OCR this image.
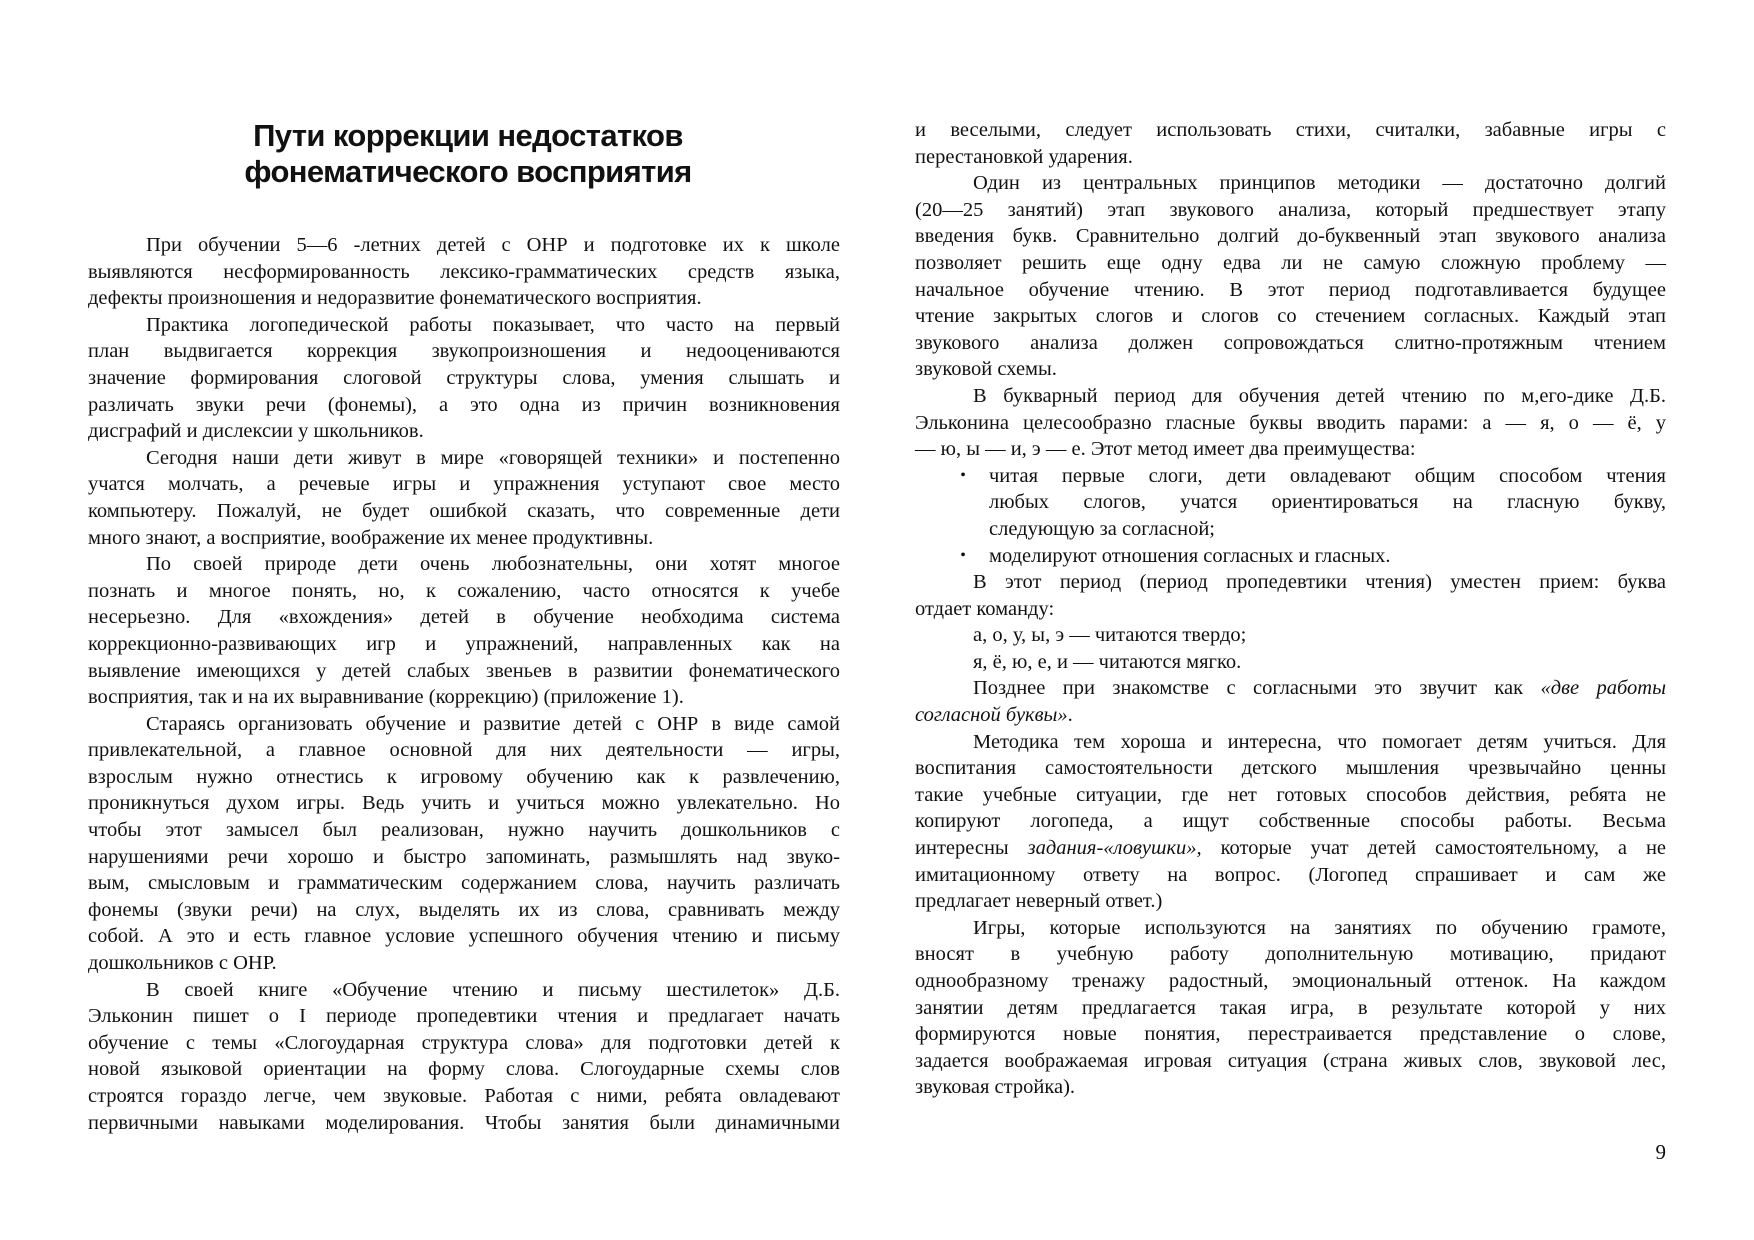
Пути коррекции недостатков
фонематического восприятия
При обучении 5—6 -летних детей с ОНР и подготовке их к школе
выявляются несформированность лексико-грамматических средств языка,
дефекты произношения и недоразвитие фонематического восприятия.
Практика логопедической работы показывает, что часто на первый
план выдвигается коррекция звукопроизношения и недооцениваются
значение формирования слоговой структуры слова, умения слышать и
различать звуки речи (фонемы), а это одна из причин возникновения
дисграфий и дислексии у школьников.
Сегодня наши дети живут в мире «говорящей техники» и постепенно
учатся молчать, а речевые игры и упражнения уступают свое место
компьютеру. Пожалуй, не будет ошибкой сказать, что современные дети
много знают, а восприятие, воображение их менее продуктивны.
По своей природе дети очень любознательны, они хотят многое
познать и многое понять, но, к сожалению, часто относятся к учебе
несерьезно. Для «вхождения» детей в обучение необходима система
коррекционно-развивающих игр и упражнений, направленных как на
выявление имеющихся у детей слабых звеньев в развитии фонематического
восприятия, так и на их выравнивание (коррекцию) (приложение 1).
Стараясь организовать обучение и развитие детей с ОНР в виде самой
привлекательной, а главное основной для них деятельности — игры,
взрослым нужно отнестись к игровому обучению как к развлечению,
проникнуться духом игры. Ведь учить и учиться можно увлекательно. Но
чтобы этот замысел был реализован, нужно научить дошкольников с
нарушениями речи хорошо и быстро запоминать, размышлять над звуко-
вым, смысловым и грамматическим содержанием слова, научить различать
фонемы (звуки речи) на слух, выделять их из слова, сравнивать между
собой. А это и есть главное условие успешного обучения чтению и письму
дошкольников с ОНР.
В своей книге «Обучение чтению и письму шестилеток» Д.Б.
Эльконин пишет о I периоде пропедевтики чтения и предлагает начать
обучение с темы «Слогоударная структура слова» для подготовки детей к
новой языковой ориентации на форму слова. Слогоударные схемы слов
строятся гораздо легче, чем звуковые. Работая с ними, ребята овладевают
первичными навыками моделирования. Чтобы занятия были динамичными
и веселыми, следует использовать стихи, считалки, забавные игры с
перестановкой ударения.
Один из центральных принципов методики — достаточно долгий
(20—25 занятий) этап звукового анализа, который предшествует этапу
введения букв. Сравнительно долгий до-буквенный этап звукового анализа
позволяет решить еще одну едва ли не самую сложную проблему —
начальное обучение чтению. В этот период подготавливается будущее
чтение закрытых слогов и слогов со стечением согласных. Каждый этап
звукового анализа должен сопровождаться слитно-протяжным чтением
звуковой схемы.
В букварный период для обучения детей чтению по м,его-дике Д.Б.
Эльконина целесообразно гласные буквы вводить парами: а — я, о — ё, у
— ю, ы — и, э — е. Этот метод имеет два преимущества:
•	читая первые слоги, дети овладевают общим способом чтения
любых слогов, учатся ориентироваться на гласную букву,
следующую за согласной;
•	моделируют отношения согласных и гласных.
В этот период (период пропедевтики чтения) уместен прием: буква
отдает команду:
а, о, у, ы, э — читаются твердо;
я, ё, ю, е, и — читаются мягко.
Позднее при знакомстве с согласными это звучит как «две работы
согласной буквы».
Методика тем хороша и интересна, что помогает детям учиться. Для
воспитания самостоятельности детского мышления чрезвычайно ценны
такие учебные ситуации, где нет готовых способов действия, ребята не
копируют логопеда, а ищут собственные способы работы. Весьма
интересны задания-«ловушки», которые учат детей самостоятельному, а не
имитационному ответу на вопрос. (Логопед спрашивает и сам же
предлагает неверный ответ.)
Игры, которые используются на занятиях по обучению грамоте,
вносят в учебную работу дополнительную мотивацию, придают
однообразному тренажу радостный, эмоциональный оттенок. На каждом
занятии детям предлагается такая игра, в результате которой у них
формируются новые понятия, перестраивается представление о слове,
задается воображаемая игровая ситуация (страна живых слов, звуковой лес,
звуковая стройка).
9
